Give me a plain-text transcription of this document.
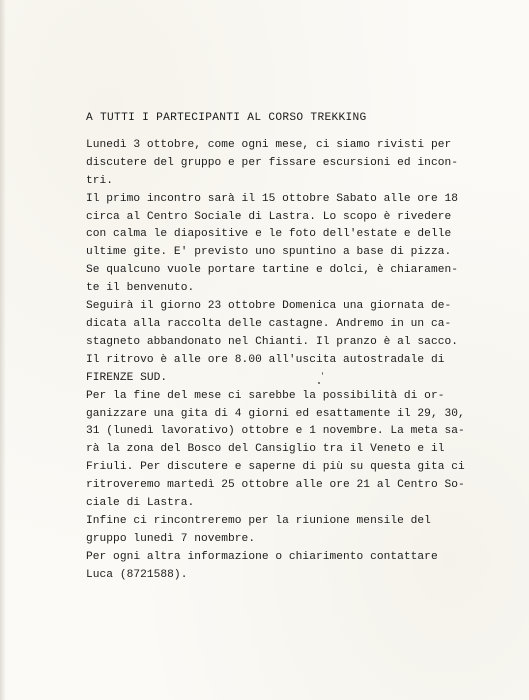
A TUTTI I PARTECIPANTI AL CORSO TREKKING
Lunedì 3 ottobre, come ogni mese, ci siamo rivisti per
discutere del gruppo e per fissare escursioni ed incon-
tri.
Il primo incontro sarà il 15 ottobre Sabato alle ore 18
circa al Centro Sociale di Lastra. Lo scopo è rivedere
con calma le diapositive e le foto dell'estate e delle
ultime gite. E' previsto uno spuntino a base di pizza.
Se qualcuno vuole portare tartine e dolci, è chiaramen-
te il benvenuto.
Seguirà il giorno 23 ottobre Domenica una giornata de-
dicata alla raccolta delle castagne. Andremo in un ca-
stagneto abbandonato nel Chianti. Il pranzo è al sacco.
Il ritrovo è alle ore 8.00 all'uscita autostradale di
FIRENZE SUD.
Per la fine del mese ci sarebbe la possibilità di or-
ganizzare una gita di 4 giorni ed esattamente il 29, 30,
31 (lunedì lavorativo) ottobre e 1 novembre. La meta sa-
rà la zona del Bosco del Cansiglio tra il Veneto e il
Friuli. Per discutere e saperne di più su questa gita ci
ritroveremo martedì 25 ottobre alle ore 21 al Centro So-
ciale di Lastra.
Infine ci rincontreremo per la riunione mensile del
gruppo lunedì 7 novembre.
Per ogni altra informazione o chiarimento contattare
Luca (8721588).
